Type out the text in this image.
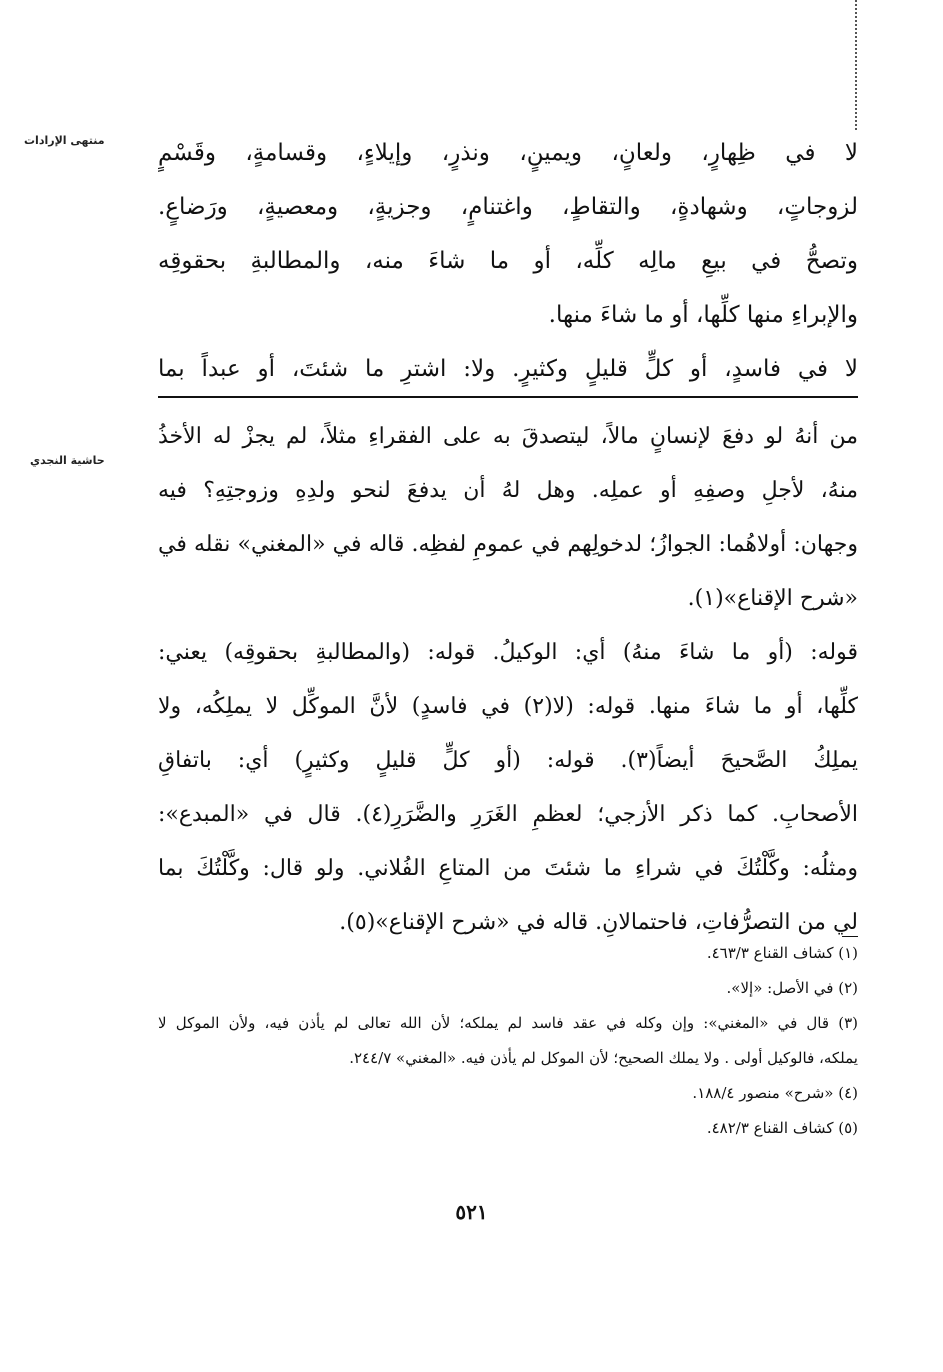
منتهى الإرادات
حاشية النجدي
لا في ظِهارٍ، ولعانٍ، ويمينٍ، ونذرٍ، وإيلاءٍ، وقسامةٍ، وقَسْمٍ
لزوجاتٍ، وشهادةٍ، والتقاطٍ، واغتنامٍ، وجزيةٍ، ومعصيةٍ، ورَضاعٍ.
وتصحُّ في بيعِ مالِه كلِّه، أو ما شاءَ منه، والمطالبةِ بحقوقِه
والإبراءِ منها كلِّها، أو ما شاءَ منها.
لا في فاسدٍ، أو كلٍّ قليلٍ وكثيرٍ. ولا: اشترِ ما شئتَ، أو عبداً بما
من أنهُ لو دفعَ لإنسانٍ مالاً، ليتصدقَ به على الفقراءِ مثلاً، لم يجزْ له الأخذُ
منهُ، لأجلِ وصفِهِ أو عملِه. وهل لهُ أن يدفعَ لنحو ولدِهِ وزوجتِهِ؟ فيه
وجهان: أولاهُما: الجوازُ؛ لدخولِهم في عمومِ لفظِه. قاله في «المغني» نقله في
«شرح الإقناع»(١).
قوله: (أو ما شاءَ منهُ) أي: الوكيلُ. قوله: (والمطالبةِ بحقوقِه) يعني:
كلِّها، أو ما شاءَ منها. قوله: (لا(٢) في فاسدٍ) لأنَّ الموكِّل لا يملِكُه، ولا
يملِكُ الصَّحيحَ أيضاً(٣). قوله: (أو كلٍّ قليلٍ وكثيرٍ) أي: باتفاقِ
الأصحابِ. كما ذكر الأزجي؛ لعظمِ الغَرَرِ والضَّرَرِ(٤). قال في «المبدع»:
ومثلُه: وكَّلْتُكَ في شراءِ ما شئتَ من المتاعِ الفُلاني. ولو قال: وكَّلْتُكَ بما
لي من التصرُّفاتِ، فاحتمالانِ. قاله في «شرح الإقناع»(٥).
(١) كشاف القناع ٤٦٣/٣.
(٢) في الأصل: «إلا».
(٣) قال في «المغني»: وإن وكله في عقد فاسد لم يملكه؛ لأن الله تعالى لم يأذن فيه، ولأن الموكل لا
يملكه، فالوكيل أولى . ولا يملك الصحيح؛ لأن الموكل لم يأذن فيه. «المغني» ٢٤٤/٧.
(٤) «شرح» منصور ١٨٨/٤.
(٥) كشاف القناع ٤٨٢/٣.
٥٢١
